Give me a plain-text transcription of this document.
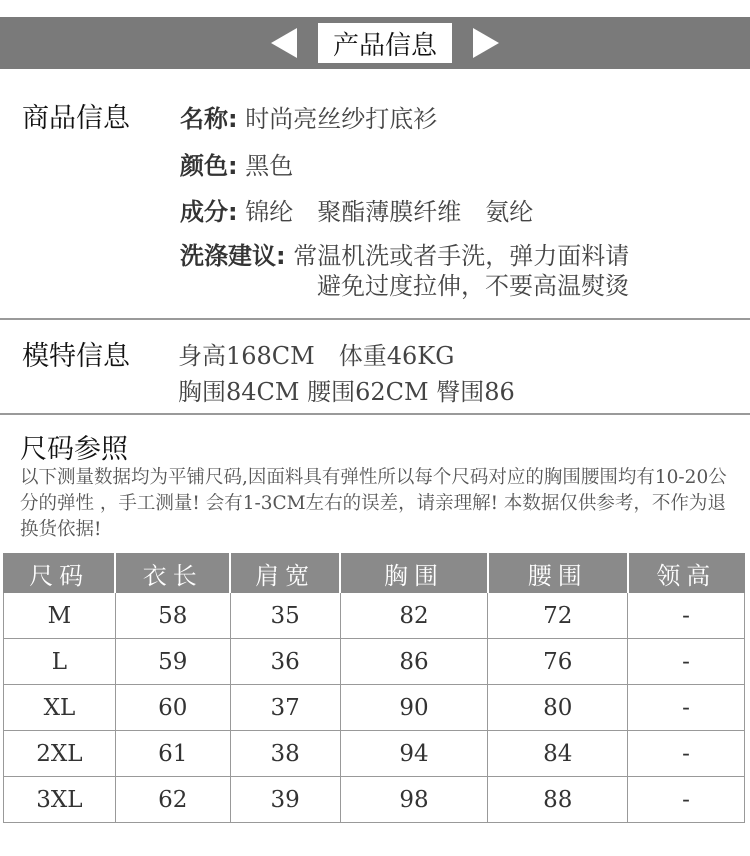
产品信息
商品信息 名称: 时尚亮丝纱打底衫
颜色: 黑色
成分: 锦纶　聚酯薄膜纤维　氨纶
洗涤建议: 常温机洗或者手洗，弹力面料请
避免过度拉伸，不要高温熨烫
模特信息 身高168CM　体重46KG
胸围84CM 腰围62CM 臀围86
尺码参照
以下测量数据均为平铺尺码,因面料具有弹性所以每个尺码对应的胸围腰围均有10-20公分的弹性 ，手工测量! 会有1-3CM左右的误差，请亲理解! 本数据仅供参考，不作为退换货依据!
尺码	衣长	肩宽	胸围	腰围	领高
M	58	35	82	72	-
L	59	36	86	76	-
XL	60	37	90	80	-
2XL	61	38	94	84	-
3XL	62	39	98	88	-
